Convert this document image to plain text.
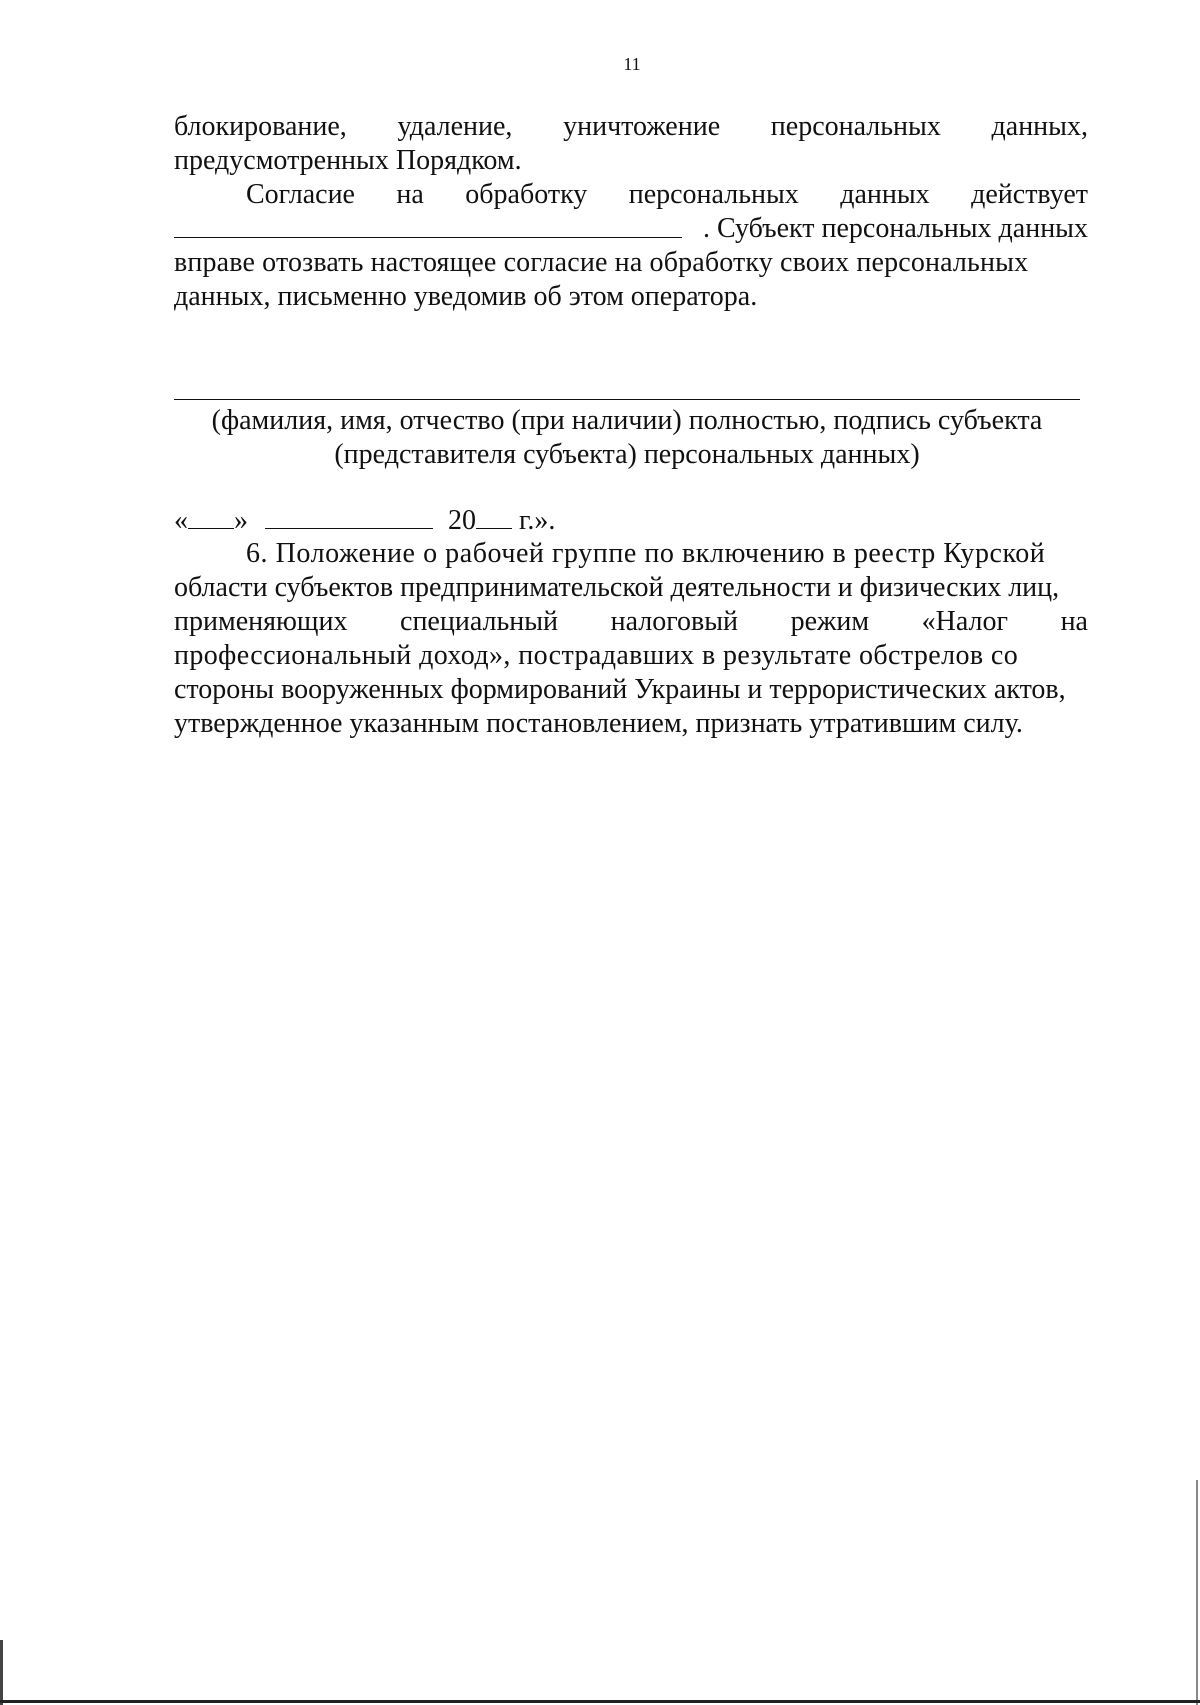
11
блокирование, удаление, уничтожение персональных данных,
предусмотренных Порядком.
Согласие на обработку персональных данных действует
. Субъект персональных данных
вправе отозвать настоящее согласие на обработку своих персональных
данных, письменно уведомив об этом оператора.
(фамилия, имя, отчество (при наличии) полностью, подпись субъекта
(представителя субъекта) персональных данных)
« »	20 г.».
6. Положение о рабочей группе по включению в реестр Курской
области субъектов предпринимательской деятельности и физических лиц,
применяющих специальный налоговый режим «Налог на
профессиональный доход», пострадавших в результате обстрелов со
стороны вооруженных формирований Украины и террористических актов,
утвержденное указанным постановлением, признать утратившим силу.
